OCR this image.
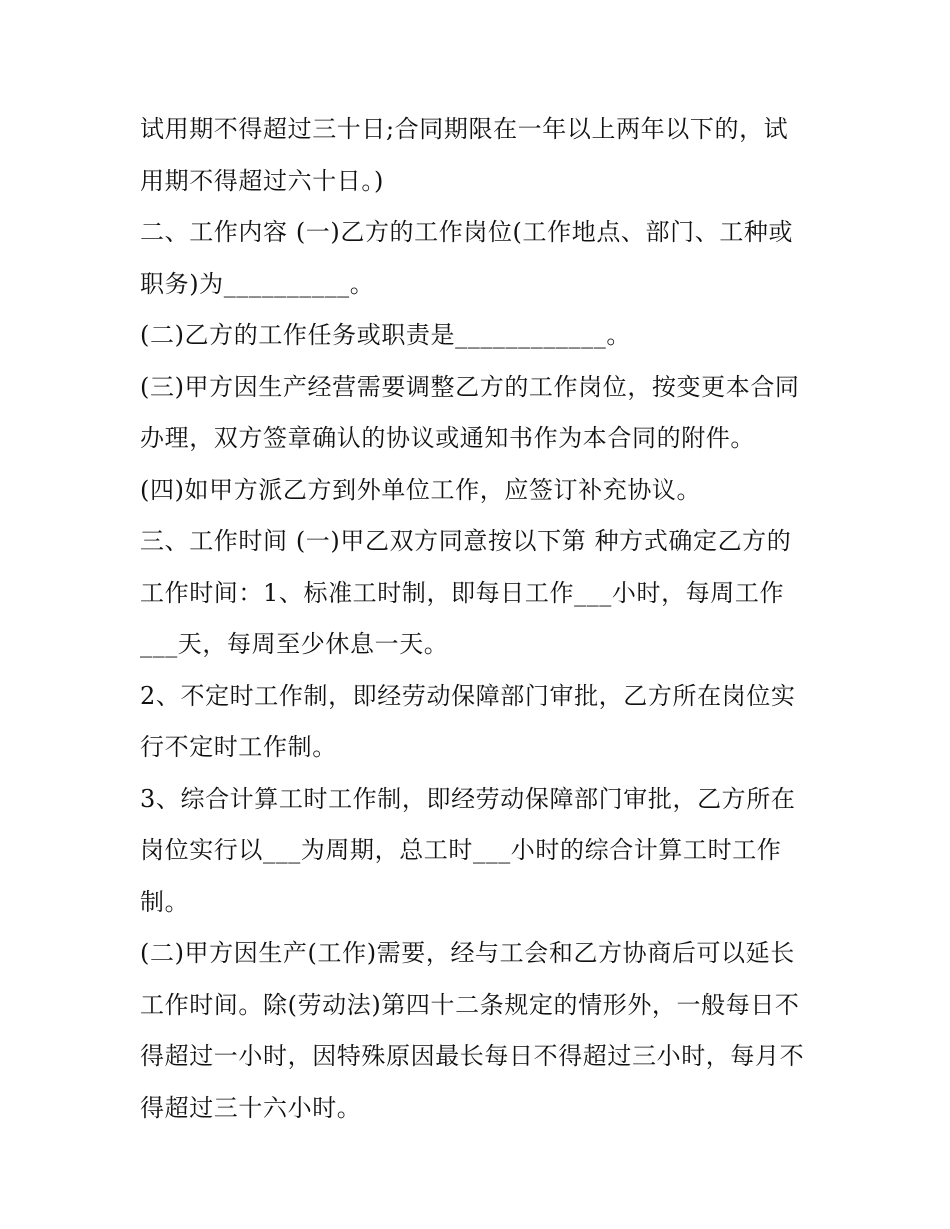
试用期不得超过三十日;合同期限在一年以上两年以下的，试
用期不得超过六十日。)
二、工作内容 (一)乙方的工作岗位(工作地点、部门、工种或
职务)为__________。
(二)乙方的工作任务或职责是____________。
(三)甲方因生产经营需要调整乙方的工作岗位，按变更本合同
办理，双方签章确认的协议或通知书作为本合同的附件。
(四)如甲方派乙方到外单位工作，应签订补充协议。
三、工作时间 (一)甲乙双方同意按以下第 种方式确定乙方的
工作时间：1、标准工时制，即每日工作___小时，每周工作
___天，每周至少休息一天。
2、不定时工作制，即经劳动保障部门审批，乙方所在岗位实
行不定时工作制。
3、综合计算工时工作制，即经劳动保障部门审批，乙方所在
岗位实行以___为周期，总工时___小时的综合计算工时工作
制。
(二)甲方因生产(工作)需要，经与工会和乙方协商后可以延长
工作时间。除(劳动法)第四十二条规定的情形外，一般每日不
得超过一小时，因特殊原因最长每日不得超过三小时，每月不
得超过三十六小时。
